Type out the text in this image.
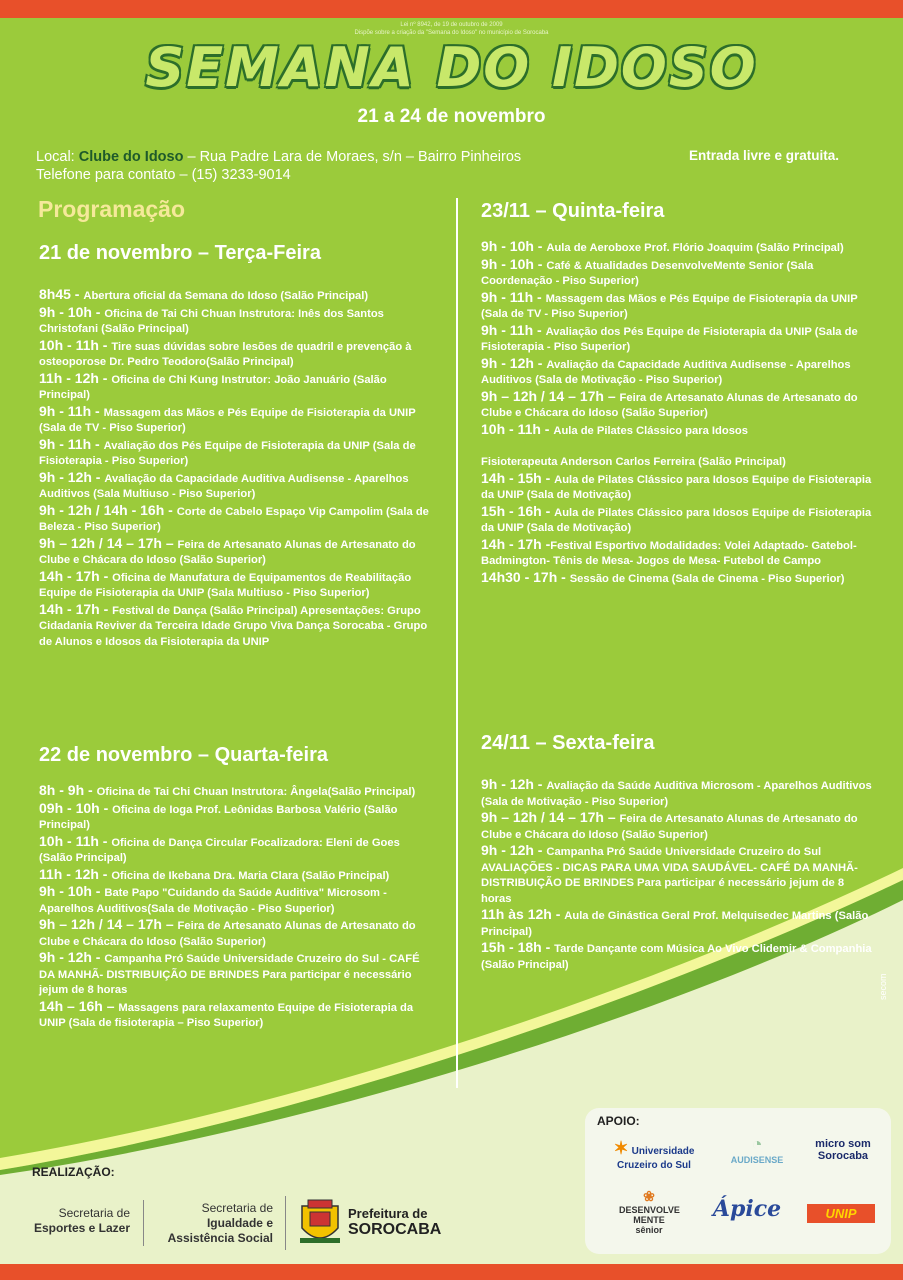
Lei nº 8942, de 19 de outubro de 2009
Dispõe sobre a criação da "Semana do Idoso" no município de Sorocaba
SEMANA DO IDOSO
21 a 24 de novembro
Local: Clube do Idoso – Rua Padre Lara de Moraes, s/n – Bairro Pinheiros
Telefone para contato – (15) 3233-9014
Entrada livre e gratuita.
Programação
21 de novembro – Terça-Feira
8h45 - Abertura oficial da Semana do Idoso (Salão Principal)
9h - 10h - Oficina de Tai Chi Chuan Instrutora: Inês dos Santos Christofani (Salão Principal)
10h - 11h - Tire suas dúvidas sobre lesões de quadril e prevenção à osteoporose Dr. Pedro Teodoro(Salão Principal)
11h - 12h - Oficina de Chi Kung Instrutor: João Januário (Salão Principal)
9h - 11h - Massagem das Mãos e Pés Equipe de Fisioterapia da UNIP (Sala de TV - Piso Superior)
9h - 11h - Avaliação dos Pés Equipe de Fisioterapia da UNIP (Sala de Fisioterapia - Piso Superior)
9h - 12h - Avaliação da Capacidade Auditiva Audisense - Aparelhos Auditivos (Sala Multiuso - Piso Superior)
9h - 12h / 14h - 16h - Corte de Cabelo Espaço Vip Campolim (Sala de Beleza - Piso Superior)
9h – 12h / 14 – 17h – Feira de Artesanato Alunas de Artesanato do Clube e Chácara do Idoso (Salão Superior)
14h - 17h - Oficina de Manufatura de Equipamentos de Reabilitação Equipe de Fisioterapia da UNIP (Sala Multiuso - Piso Superior)
14h - 17h - Festival de Dança (Salão Principal) Apresentações: Grupo Cidadania Reviver da Terceira Idade Grupo Viva Dança Sorocaba - Grupo de Alunos e Idosos da Fisioterapia da UNIP
22 de novembro – Quarta-feira
8h - 9h - Oficina de Tai Chi Chuan Instrutora: Ângela(Salão Principal)
09h - 10h - Oficina de Ioga Prof. Leônidas Barbosa Valério (Salão Principal)
10h - 11h - Oficina de Dança Circular Focalizadora: Eleni de Goes (Salão Principal)
11h - 12h - Oficina de Ikebana Dra. Maria Clara (Salão Principal)
9h - 10h - Bate Papo "Cuidando da Saúde Auditiva" Microsom - Aparelhos Auditivos(Sala de Motivação - Piso Superior)
9h – 12h / 14 – 17h – Feira de Artesanato Alunas de Artesanato do Clube e Chácara do Idoso (Salão Superior)
9h - 12h - Campanha Pró Saúde Universidade Cruzeiro do Sul - CAFÉ DA MANHÃ- DISTRIBUIÇÃO DE BRINDES Para participar é necessário jejum de 8 horas
14h – 16h – Massagens para relaxamento Equipe de Fisioterapia da UNIP (Sala de fisioterapia – Piso Superior)
23/11 – Quinta-feira
9h - 10h - Aula de Aeroboxe Prof. Flório Joaquim (Salão Principal)
9h - 10h - Café & Atualidades DesenvolveMente Senior (Sala Coordenação - Piso Superior)
9h - 11h - Massagem das Mãos e Pés Equipe de Fisioterapia da UNIP (Sala de TV - Piso Superior)
9h - 11h - Avaliação dos Pés Equipe de Fisioterapia da UNIP (Sala de Fisioterapia - Piso Superior)
9h - 12h - Avaliação da Capacidade Auditiva Audisense - Aparelhos Auditivos (Sala de Motivação - Piso Superior)
9h – 12h / 14 – 17h – Feira de Artesanato Alunas de Artesanato do Clube e Chácara do Idoso (Salão Superior)
10h - 11h - Aula de Pilates Clássico para Idosos
Fisioterapeuta Anderson Carlos Ferreira (Salão Principal)
14h - 15h - Aula de Pilates Clássico para Idosos Equipe de Fisioterapia da UNIP (Sala de Motivação)
15h - 16h - Aula de Pilates Clássico para Idosos Equipe de Fisioterapia da UNIP (Sala de Motivação)
14h - 17h -Festival Esportivo Modalidades: Volei Adaptado- Gatebol- Badmington- Tênis de Mesa- Jogos de Mesa- Futebol de Campo
14h30 - 17h - Sessão de Cinema (Sala de Cinema - Piso Superior)
24/11 – Sexta-feira
9h - 12h - Avaliação da Saúde Auditiva Microsom - Aparelhos Auditivos (Sala de Motivação - Piso Superior)
9h – 12h / 14 – 17h – Feira de Artesanato Alunas de Artesanato do Clube e Chácara do Idoso (Salão Superior)
9h - 12h - Campanha Pró Saúde Universidade Cruzeiro do Sul AVALIAÇÕES - DICAS PARA UMA VIDA SAUDÁVEL- CAFÉ DA MANHÃ- DISTRIBUIÇÃO DE BRINDES Para participar é necessário jejum de 8 horas
11h às 12h - Aula de Ginástica Geral Prof. Melquisedec Martins (Salão Principal)
15h - 18h - Tarde Dançante com Música Ao Vivo Clidemir & Companhia (Salão Principal)
secom
REALIZAÇÃO:
Secretaria de
Esportes e Lazer
Secretaria de
Igualdade e
Assistência Social
Prefeitura de
SOROCABA
APOIO:
✶ Universidade Cruzeiro do Sul
◔
AUDISENSE
micro som Sorocaba
❀
DESENVOLVE MENTE sênior
Ápice	UNIP
